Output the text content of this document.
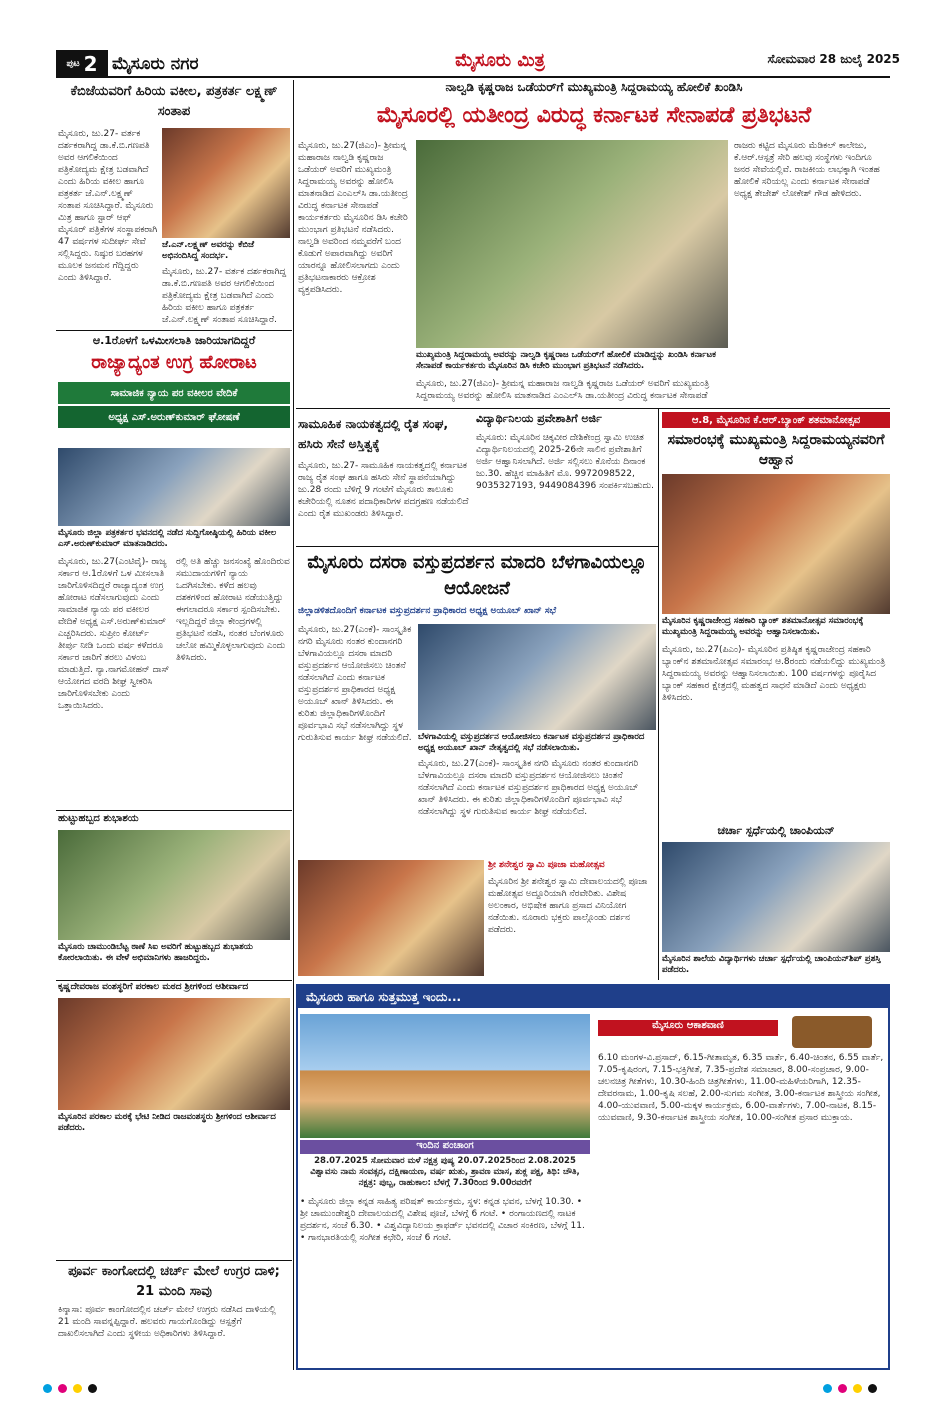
ಪುಟ 2 ಮೈಸೂರು ನಗರ	ಮೈಸೂರು ಮಿತ್ರ	ಸೋಮವಾರ 28 ಜುಲೈ 2025
ಕೆಬಿಜೆಯವರಿಗೆ ಹಿರಿಯ ವಕೀಲ, ಪತ್ರಕರ್ತ ಲಕ್ಷ್ಮಣ್ ಸಂತಾಪ
ಮೈಸೂರು, ಜು.27- ವರ್ತಕ ದರ್ಶಕರಾಗಿದ್ದ ಡಾ.ಕೆ.ಬಿ.ಗಣಪತಿ ಅವರ ಆಗಲಿಕೆಯಿಂದ ಪತ್ರಿಕೋದ್ಯಮ ಕ್ಷೇತ್ರ ಬಡವಾಗಿದೆ ಎಂದು ಹಿರಿಯ ವಕೀಲ ಹಾಗೂ ಪತ್ರಕರ್ತ ಜೆ.ಎನ್.ಲಕ್ಷ್ಮಣ್ ಸಂತಾಪ ಸೂಚಿಸಿದ್ದಾರೆ. ಮೈಸೂರು ಮಿತ್ರ ಹಾಗೂ ಸ್ಟಾರ್ ಆಫ್ ಮೈಸೂರ್ ಪತ್ರಿಕೆಗಳ ಸಂಸ್ಥಾಪಕರಾಗಿ 47 ವರ್ಷಗಳ ಸುದೀರ್ಘ ಸೇವೆ ಸಲ್ಲಿಸಿದ್ದರು. ನಿಷ್ಠುರ ಬರಹಗಳ ಮೂಲಕ ಜನಮನ ಗೆದ್ದಿದ್ದರು ಎಂದು ತಿಳಿಸಿದ್ದಾರೆ.
ಜೆ.ಎನ್.ಲಕ್ಷ್ಮಣ್ ಅವರನ್ನು ಕೆಬಿಜೆ ಅಭಿನಂದಿಸಿದ್ದ ಸಂದರ್ಭ.
ಮೈಸೂರು, ಜು.27- ವರ್ತಕ ದರ್ಶಕರಾಗಿದ್ದ ಡಾ.ಕೆ.ಬಿ.ಗಣಪತಿ ಅವರ ಆಗಲಿಕೆಯಿಂದ ಪತ್ರಿಕೋದ್ಯಮ ಕ್ಷೇತ್ರ ಬಡವಾಗಿದೆ ಎಂದು ಹಿರಿಯ ವಕೀಲ ಹಾಗೂ ಪತ್ರಕರ್ತ ಜೆ.ಎನ್.ಲಕ್ಷ್ಮಣ್ ಸಂತಾಪ ಸೂಚಿಸಿದ್ದಾರೆ.
ಆ.1ರೊಳಗೆ ಒಳಮೀಸಲಾತಿ ಜಾರಿಯಾಗದಿದ್ದರೆ
ರಾಜ್ಯಾದ್ಯಂತ ಉಗ್ರ ಹೋರಾಟ
ಸಾಮಾಜಿಕ ನ್ಯಾಯ ಪರ ವಕೀಲರ ವೇದಿಕೆ
ಅಧ್ಯಕ್ಷ ಎಸ್.ಅರುಣ್‌ಕುಮಾರ್ ಘೋಷಣೆ
ಮೈಸೂರು ಜಿಲ್ಲಾ ಪತ್ರಕರ್ತರ ಭವನದಲ್ಲಿ ನಡೆದ ಸುದ್ದಿಗೋಷ್ಠಿಯಲ್ಲಿ ಹಿರಿಯ ವಕೀಲ ಎಸ್.ಅರುಣ್‌ಕುಮಾರ್ ಮಾತನಾಡಿದರು.
ಮೈಸೂರು, ಜು.27(ಎಂಟಿವೈ)- ರಾಜ್ಯ ಸರ್ಕಾರ ಆ.1ರೊಳಗೆ ಒಳ ಮೀಸಲಾತಿ ಜಾರಿಗೊಳಿಸದಿದ್ದರೆ ರಾಜ್ಯಾದ್ಯಂತ ಉಗ್ರ ಹೋರಾಟ ನಡೆಸಲಾಗುವುದು ಎಂದು ಸಾಮಾಜಿಕ ನ್ಯಾಯ ಪರ ವಕೀಲರ ವೇದಿಕೆ ಅಧ್ಯಕ್ಷ ಎಸ್.ಅರುಣ್‌ಕುಮಾರ್ ಎಚ್ಚರಿಸಿದರು. ಸುಪ್ರೀಂ ಕೋರ್ಟ್ ತೀರ್ಪು ನೀಡಿ ಒಂದು ವರ್ಷ ಕಳೆದರೂ ಸರ್ಕಾರ ಜಾರಿಗೆ ತರಲು ವಿಳಂಬ ಮಾಡುತ್ತಿದೆ. ನ್ಯಾ.ನಾಗಮೋಹನ್ ದಾಸ್ ಆಯೋಗದ ವರದಿ ಶೀಘ್ರ ಸ್ವೀಕರಿಸಿ ಜಾರಿಗೊಳಿಸಬೇಕು ಎಂದು ಒತ್ತಾಯಿಸಿದರು.
ರಲ್ಲಿ ಅತಿ ಹೆಚ್ಚು ಜನಸಂಖ್ಯೆ ಹೊಂದಿರುವ ಸಮುದಾಯಗಳಿಗೆ ನ್ಯಾಯ ಒದಗಿಸಬೇಕು. ಕಳೆದ ಹಲವು ದಶಕಗಳಿಂದ ಹೋರಾಟ ನಡೆಯುತ್ತಿದ್ದು ಈಗಲಾದರೂ ಸರ್ಕಾರ ಸ್ಪಂದಿಸಬೇಕು. ಇಲ್ಲದಿದ್ದರೆ ಜಿಲ್ಲಾ ಕೇಂದ್ರಗಳಲ್ಲಿ ಪ್ರತಿಭಟನೆ ನಡೆಸಿ, ನಂತರ ಬೆಂಗಳೂರು ಚಲೋ ಹಮ್ಮಿಕೊಳ್ಳಲಾಗುವುದು ಎಂದು ತಿಳಿಸಿದರು.
ಹುಟ್ಟುಹಬ್ಬದ ಶುಭಾಶಯ
ಮೈಸೂರು ಚಾಮುಂಡಿಬೆಟ್ಟ ಠಾಣೆ ಸಿಐ ಅವರಿಗೆ ಹುಟ್ಟುಹಬ್ಬದ ಶುಭಾಶಯ ಕೋರಲಾಯಿತು. ಈ ವೇಳೆ ಅಭಿಮಾನಿಗಳು ಹಾಜರಿದ್ದರು.
ಕೃಷ್ಣದೇವರಾಜ ವಂಶಸ್ಥರಿಗೆ ಪರಕಾಲ ಮಠದ ಶ್ರೀಗಳಿಂದ ಆಶೀರ್ವಾದ
ಮೈಸೂರಿನ ಪರಕಾಲ ಮಠಕ್ಕೆ ಭೇಟಿ ನೀಡಿದ ರಾಜವಂಶಸ್ಥರು ಶ್ರೀಗಳಿಂದ ಆಶೀರ್ವಾದ ಪಡೆದರು.
ಪೂರ್ವ ಕಾಂಗೋದಲ್ಲಿ ಚರ್ಚ್ ಮೇಲೆ ಉಗ್ರರ ದಾಳಿ; 21 ಮಂದಿ ಸಾವು
ಕಿನ್ಶಾಸಾ: ಪೂರ್ವ ಕಾಂಗೋದಲ್ಲಿನ ಚರ್ಚ್ ಮೇಲೆ ಉಗ್ರರು ನಡೆಸಿದ ದಾಳಿಯಲ್ಲಿ 21 ಮಂದಿ ಸಾವನ್ನಪ್ಪಿದ್ದಾರೆ. ಹಲವರು ಗಾಯಗೊಂಡಿದ್ದು ಆಸ್ಪತ್ರೆಗೆ ದಾಖಲಿಸಲಾಗಿದೆ ಎಂದು ಸ್ಥಳೀಯ ಅಧಿಕಾರಿಗಳು ತಿಳಿಸಿದ್ದಾರೆ.
ನಾಲ್ವಡಿ ಕೃಷ್ಣರಾಜ ಒಡೆಯರ್‌ಗೆ ಮುಖ್ಯಮಂತ್ರಿ ಸಿದ್ದರಾಮಯ್ಯ ಹೋಲಿಕೆ ಖಂಡಿಸಿ
ಮೈಸೂರಲ್ಲಿ ಯತೀಂದ್ರ ವಿರುದ್ಧ ಕರ್ನಾಟಕ ಸೇನಾಪಡೆ ಪ್ರತಿಭಟನೆ
ಮೈಸೂರು, ಜು.27(ಜಿಎಂ)- ಶ್ರೀಮನ್ನ ಮಹಾರಾಜ ನಾಲ್ವಡಿ ಕೃಷ್ಣರಾಜ ಒಡೆಯರ್ ಅವರಿಗೆ ಮುಖ್ಯಮಂತ್ರಿ ಸಿದ್ದರಾಮಯ್ಯ ಅವರನ್ನು ಹೋಲಿಸಿ ಮಾತನಾಡಿದ ಎಂಎಲ್‌ಸಿ ಡಾ.ಯತೀಂದ್ರ ವಿರುದ್ಧ ಕರ್ನಾಟಕ ಸೇನಾಪಡೆ ಕಾರ್ಯಕರ್ತರು ಮೈಸೂರಿನ ಡಿಸಿ ಕಚೇರಿ ಮುಂಭಾಗ ಪ್ರತಿಭಟನೆ ನಡೆಸಿದರು. ನಾಲ್ವಡಿ ಅವರಿಂದ ನಮ್ಮವರೆಗೆ ಬಂದ ಕೊಡುಗೆ ಅಪಾರವಾಗಿದ್ದು ಅವರಿಗೆ ಯಾರನ್ನೂ ಹೋಲಿಸಲಾಗದು ಎಂದು ಪ್ರತಿಭಟನಾಕಾರರು ಆಕ್ರೋಶ ವ್ಯಕ್ತಪಡಿಸಿದರು.
ಮುಖ್ಯಮಂತ್ರಿ ಸಿದ್ದರಾಮಯ್ಯ ಅವರನ್ನು ನಾಲ್ವಡಿ ಕೃಷ್ಣರಾಜ ಒಡೆಯರ್‌ಗೆ ಹೋಲಿಕೆ ಮಾಡಿದ್ದನ್ನು ಖಂಡಿಸಿ ಕರ್ನಾಟಕ ಸೇನಾಪಡೆ ಕಾರ್ಯಕರ್ತರು ಮೈಸೂರಿನ ಡಿಸಿ ಕಚೇರಿ ಮುಂಭಾಗ ಪ್ರತಿಭಟನೆ ನಡೆಸಿದರು.
ಮೈಸೂರು, ಜು.27(ಜಿಎಂ)- ಶ್ರೀಮನ್ನ ಮಹಾರಾಜ ನಾಲ್ವಡಿ ಕೃಷ್ಣರಾಜ ಒಡೆಯರ್ ಅವರಿಗೆ ಮುಖ್ಯಮಂತ್ರಿ ಸಿದ್ದರಾಮಯ್ಯ ಅವರನ್ನು ಹೋಲಿಸಿ ಮಾತನಾಡಿದ ಎಂಎಲ್‌ಸಿ ಡಾ.ಯತೀಂದ್ರ ವಿರುದ್ಧ ಕರ್ನಾಟಕ ಸೇನಾಪಡೆ
ರಾಜರು ಕಟ್ಟಿದ ಮೈಸೂರು ಮೆಡಿಕಲ್ ಕಾಲೇಜು, ಕೆ.ಆರ್.ಆಸ್ಪತ್ರೆ ಸೇರಿ ಹಲವು ಸಂಸ್ಥೆಗಳು ಇಂದಿಗೂ ಜನರ ಸೇವೆಯಲ್ಲಿವೆ. ರಾಜಕೀಯ ಲಾಭಕ್ಕಾಗಿ ಇಂತಹ ಹೋಲಿಕೆ ಸರಿಯಲ್ಲ ಎಂದು ಕರ್ನಾಟಕ ಸೇನಾಪಡೆ ಅಧ್ಯಕ್ಷ ತೇಜೇಶ್ ಲೋಕೇಶ್ ಗೌಡ ಹೇಳಿದರು.
ಸಾಮೂಹಿಕ ನಾಯಕತ್ವದಲ್ಲಿ ರೈತ ಸಂಘ, ಹಸಿರು ಸೇನೆ ಅಸ್ತಿತ್ವಕ್ಕೆ
ಮೈಸೂರು, ಜು.27- ಸಾಮೂಹಿಕ ನಾಯಕತ್ವದಲ್ಲಿ ಕರ್ನಾಟಕ ರಾಜ್ಯ ರೈತ ಸಂಘ ಹಾಗೂ ಹಸಿರು ಸೇನೆ ಸ್ಥಾಪನೆಯಾಗಿದ್ದು ಜು.28 ರಂದು ಬೆಳಿಗ್ಗೆ 9 ಗಂಟೆಗೆ ಮೈಸೂರು ತಾಲೂಕು ಕಚೇರಿಯಲ್ಲಿ ನೂತನ ಪದಾಧಿಕಾರಿಗಳ ಪದಗ್ರಹಣ ನಡೆಯಲಿದೆ ಎಂದು ರೈತ ಮುಖಂಡರು ತಿಳಿಸಿದ್ದಾರೆ.
ವಿದ್ಯಾರ್ಥಿನಿಲಯ ಪ್ರವೇಶಾತಿಗೆ ಅರ್ಜಿ
ಮೈಸೂರು: ಮೈಸೂರಿನ ಚಿಕ್ಕವೀರ ದೇಶಿಕೇಂದ್ರ ಸ್ವಾಮಿ ಉಚಿತ ವಿದ್ಯಾರ್ಥಿನಿಲಯದಲ್ಲಿ 2025-26ನೇ ಸಾಲಿನ ಪ್ರವೇಶಾತಿಗೆ ಅರ್ಜಿ ಆಹ್ವಾನಿಸಲಾಗಿದೆ. ಅರ್ಜಿ ಸಲ್ಲಿಸಲು ಕೊನೆಯ ದಿನಾಂಕ ಜು.30. ಹೆಚ್ಚಿನ ಮಾಹಿತಿಗೆ ಮೊ. 9972098522, 9035327193, 9449084396 ಸಂಪರ್ಕಿಸಬಹುದು.
ಮೈಸೂರು ದಸರಾ ವಸ್ತುಪ್ರದರ್ಶನ ಮಾದರಿ ಬೆಳಗಾವಿಯಲ್ಲೂ ಆಯೋಜನೆ
ಜಿಲ್ಲಾಡಳಿತದೊಂದಿಗೆ ಕರ್ನಾಟಕ ವಸ್ತುಪ್ರದರ್ಶನ ಪ್ರಾಧಿಕಾರದ ಅಧ್ಯಕ್ಷ ಅಯೂಬ್ ಖಾನ್ ಸಭೆ
ಮೈಸೂರು, ಜು.27(ಎಂಕೆ)- ಸಾಂಸ್ಕೃತಿಕ ನಗರಿ ಮೈಸೂರು ನಂತರ ಕುಂದಾನಗರಿ ಬೆಳಗಾವಿಯಲ್ಲೂ ದಸರಾ ಮಾದರಿ ವಸ್ತುಪ್ರದರ್ಶನ ಆಯೋಜಿಸಲು ಚಿಂತನೆ ನಡೆಸಲಾಗಿದೆ ಎಂದು ಕರ್ನಾಟಕ ವಸ್ತುಪ್ರದರ್ಶನ ಪ್ರಾಧಿಕಾರದ ಅಧ್ಯಕ್ಷ ಅಯೂಬ್ ಖಾನ್ ತಿಳಿಸಿದರು. ಈ ಕುರಿತು ಜಿಲ್ಲಾಧಿಕಾರಿಗಳೊಂದಿಗೆ ಪೂರ್ವಭಾವಿ ಸಭೆ ನಡೆಸಲಾಗಿದ್ದು ಸ್ಥಳ ಗುರುತಿಸುವ ಕಾರ್ಯ ಶೀಘ್ರ ನಡೆಯಲಿದೆ. ಬೆಳಗಾವಿಯಲ್ಲಿ ವಸ್ತುಪ್ರದರ್ಶನ ಆಯೋಜಿಸಲು ಕರ್ನಾಟಕ ವಸ್ತುಪ್ರದರ್ಶನ ಪ್ರಾಧಿಕಾರದ ಅಧ್ಯಕ್ಷ ಅಯೂಬ್ ಖಾನ್ ನೇತೃತ್ವದಲ್ಲಿ ಸಭೆ ನಡೆಸಲಾಯಿತು.
ಮೈಸೂರು, ಜು.27(ಎಂಕೆ)- ಸಾಂಸ್ಕೃತಿಕ ನಗರಿ ಮೈಸೂರು ನಂತರ ಕುಂದಾನಗರಿ ಬೆಳಗಾವಿಯಲ್ಲೂ ದಸರಾ ಮಾದರಿ ವಸ್ತುಪ್ರದರ್ಶನ ಆಯೋಜಿಸಲು ಚಿಂತನೆ ನಡೆಸಲಾಗಿದೆ ಎಂದು ಕರ್ನಾಟಕ ವಸ್ತುಪ್ರದರ್ಶನ ಪ್ರಾಧಿಕಾರದ ಅಧ್ಯಕ್ಷ ಅಯೂಬ್ ಖಾನ್ ತಿಳಿಸಿದರು. ಈ ಕುರಿತು ಜಿಲ್ಲಾಧಿಕಾರಿಗಳೊಂದಿಗೆ ಪೂರ್ವಭಾವಿ ಸಭೆ ನಡೆಸಲಾಗಿದ್ದು ಸ್ಥಳ ಗುರುತಿಸುವ ಕಾರ್ಯ ಶೀಘ್ರ ನಡೆಯಲಿದೆ.
ಶ್ರೀ ಶನೇಶ್ವರ ಸ್ವಾಮಿ ಪೂಜಾ ಮಹೋತ್ಸವ
ಮೈಸೂರಿನ ಶ್ರೀ ಶನೇಶ್ವರ ಸ್ವಾಮಿ ದೇವಾಲಯದಲ್ಲಿ ಪೂಜಾ ಮಹೋತ್ಸವ ಅದ್ದೂರಿಯಾಗಿ ನೆರವೇರಿತು. ವಿಶೇಷ ಅಲಂಕಾರ, ಅಭಿಷೇಕ ಹಾಗೂ ಪ್ರಸಾದ ವಿನಿಯೋಗ ನಡೆಯಿತು. ನೂರಾರು ಭಕ್ತರು ಪಾಲ್ಗೊಂಡು ದರ್ಶನ ಪಡೆದರು.
ಆ.8, ಮೈಸೂರಿನ ಕೆ.ಆರ್.ಬ್ಯಾಂಕ್ ಶತಮಾನೋತ್ಸವ
ಸಮಾರಂಭಕ್ಕೆ ಮುಖ್ಯಮಂತ್ರಿ ಸಿದ್ದರಾಮಯ್ಯನವರಿಗೆ ಆಹ್ವಾನ
ಮೈಸೂರಿನ ಕೃಷ್ಣರಾಜೇಂದ್ರ ಸಹಕಾರಿ ಬ್ಯಾಂಕ್ ಶತಮಾನೋತ್ಸವ ಸಮಾರಂಭಕ್ಕೆ ಮುಖ್ಯಮಂತ್ರಿ ಸಿದ್ದರಾಮಯ್ಯ ಅವರನ್ನು ಆಹ್ವಾನಿಸಲಾಯಿತು.
ಮೈಸೂರು, ಜು.27(ಪಿಎಂ)- ಮೈಸೂರಿನ ಪ್ರತಿಷ್ಠಿತ ಕೃಷ್ಣರಾಜೇಂದ್ರ ಸಹಕಾರಿ ಬ್ಯಾಂಕ್‌ನ ಶತಮಾನೋತ್ಸವ ಸಮಾರಂಭ ಆ.8ರಂದು ನಡೆಯಲಿದ್ದು ಮುಖ್ಯಮಂತ್ರಿ ಸಿದ್ದರಾಮಯ್ಯ ಅವರನ್ನು ಆಹ್ವಾನಿಸಲಾಯಿತು. 100 ವರ್ಷಗಳನ್ನು ಪೂರೈಸಿದ ಬ್ಯಾಂಕ್ ಸಹಕಾರ ಕ್ಷೇತ್ರದಲ್ಲಿ ಮಹತ್ವದ ಸಾಧನೆ ಮಾಡಿದೆ ಎಂದು ಅಧ್ಯಕ್ಷರು ತಿಳಿಸಿದರು.
ಚರ್ಚಾ ಸ್ಪರ್ಧೆಯಲ್ಲಿ ಚಾಂಪಿಯನ್
ಮೈಸೂರಿನ ಶಾಲೆಯ ವಿದ್ಯಾರ್ಥಿಗಳು ಚರ್ಚಾ ಸ್ಪರ್ಧೆಯಲ್ಲಿ ಚಾಂಪಿಯನ್‌ಶಿಪ್ ಪ್ರಶಸ್ತಿ ಪಡೆದರು.
ಮೈಸೂರು ಹಾಗೂ ಸುತ್ತಮುತ್ತ ಇಂದು...
ಇಂದಿನ ಪಂಚಾಂಗ
28.07.2025 ಸೋಮವಾರ ಮಳೆ ನಕ್ಷತ್ರ ಪುಷ್ಯ 20.07.2025ರಿಂದ 2.08.2025 ವಿಶ್ವಾವಸು ನಾಮ ಸಂವತ್ಸರ, ದಕ್ಷಿಣಾಯಣ, ವರ್ಷ ಋತು, ಶ್ರಾವಣ ಮಾಸ, ಶುಕ್ಲ ಪಕ್ಷ, ತಿಥಿ: ಚೌತಿ, ನಕ್ಷತ್ರ: ಪುಬ್ಬ, ರಾಹುಕಾಲ: ಬೆಳಗ್ಗೆ 7.30ರಿಂದ 9.00ರವರೆಗೆ
• ಮೈಸೂರು ಜಿಲ್ಲಾ ಕನ್ನಡ ಸಾಹಿತ್ಯ ಪರಿಷತ್ ಕಾರ್ಯಕ್ರಮ, ಸ್ಥಳ: ಕನ್ನಡ ಭವನ, ಬೆಳಗ್ಗೆ 10.30. • ಶ್ರೀ ಚಾಮುಂಡೇಶ್ವರಿ ದೇವಾಲಯದಲ್ಲಿ ವಿಶೇಷ ಪೂಜೆ, ಬೆಳಗ್ಗೆ 6 ಗಂಟೆ. • ರಂಗಾಯಣದಲ್ಲಿ ನಾಟಕ ಪ್ರದರ್ಶನ, ಸಂಜೆ 6.30. • ವಿಶ್ವವಿದ್ಯಾನಿಲಯ ಕ್ರಾಫರ್ಡ್ ಭವನದಲ್ಲಿ ವಿಚಾರ ಸಂಕಿರಣ, ಬೆಳಗ್ಗೆ 11. • ಗಾನಭಾರತಿಯಲ್ಲಿ ಸಂಗೀತ ಕಛೇರಿ, ಸಂಜೆ 6 ಗಂಟೆ.
ಮೈಸೂರು ಆಕಾಶವಾಣಿ
6.10 ಮಂಗಳ-ವಿ.ಪ್ರಸಾದ್, 6.15-ಗೀತಾಮೃತ, 6.35 ವಾರ್ತೆ, 6.40-ಚಿಂತನ, 6.55 ವಾರ್ತೆ, 7.05-ಕೃಷಿರಂಗ, 7.15-ಭಕ್ತಿಗೀತೆ, 7.35-ಪ್ರದೇಶ ಸಮಾಚಾರ, 8.00-ಸಂಪ್ರಚಾರ, 9.00-ಚಲನಚಿತ್ರ ಗೀತೆಗಳು, 10.30-ಹಿಂದಿ ಚಿತ್ರಗೀತೆಗಳು, 11.00-ಮಹಿಳೆಯರಿಗಾಗಿ, 12.35-ದೇವರನಾಮ, 1.00-ಕೃಷಿ ಸಲಹೆ, 2.00-ಸುಗಮ ಸಂಗೀತ, 3.00-ಕರ್ನಾಟಕ ಶಾಸ್ತ್ರೀಯ ಸಂಗೀತ, 4.00-ಯುವವಾಣಿ, 5.00-ಮಕ್ಕಳ ಕಾರ್ಯಕ್ರಮ, 6.00-ವಾರ್ತೆಗಳು, 7.00-ನಾಟಕ, 8.15-ಯುವವಾಣಿ, 9.30-ಕರ್ನಾಟಕ ಶಾಸ್ತ್ರೀಯ ಸಂಗೀತ, 10.00-ಸಂಗೀತ ಪ್ರಸಾರ ಮುಕ್ತಾಯ.
